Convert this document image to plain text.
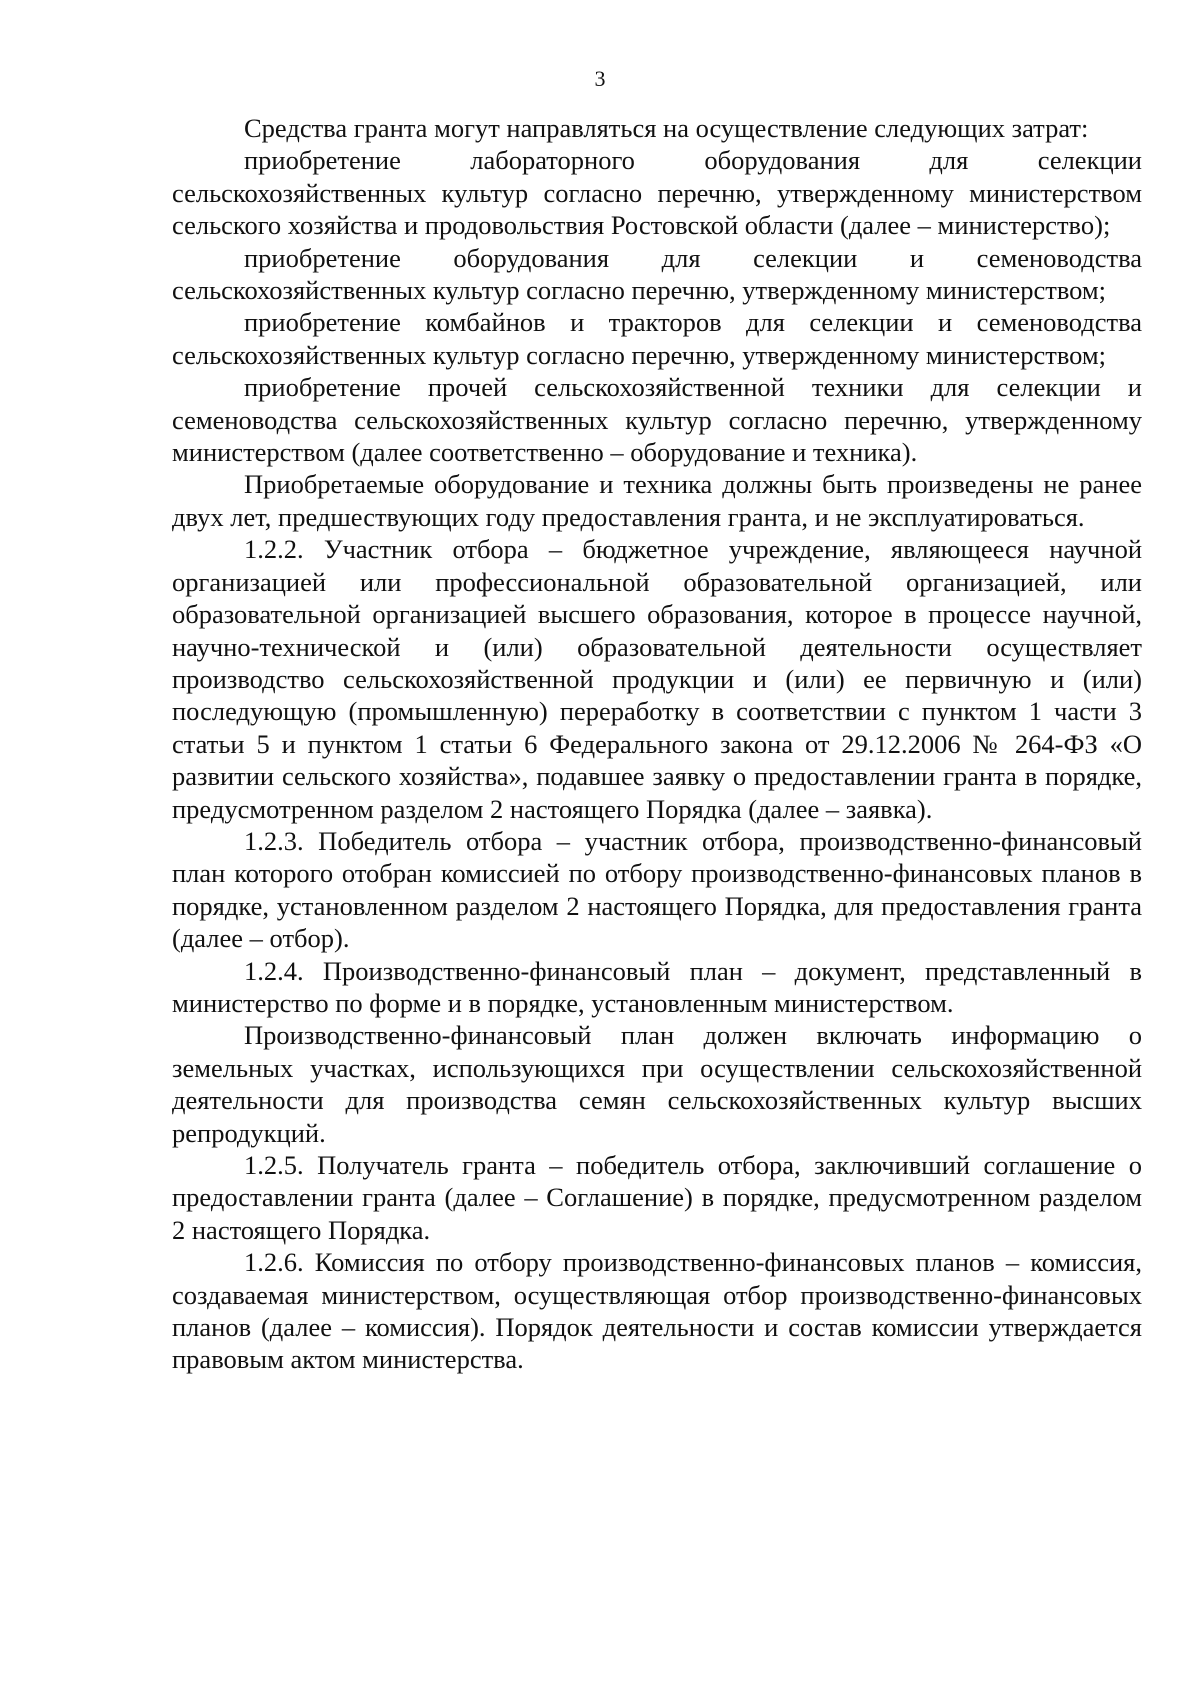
3

Средства гранта могут направляться на осуществление следующих затрат:

приобретение лабораторного оборудования для селекции сельскохозяйственных культур согласно перечню, утвержденному министерством сельского хозяйства и продовольствия Ростовской области (далее – министерство);

приобретение оборудования для селекции и семеноводства сельскохозяйственных культур согласно перечню, утвержденному министерством;

приобретение комбайнов и тракторов для селекции и семеноводства сельскохозяйственных культур согласно перечню, утвержденному министерством;

приобретение прочей сельскохозяйственной техники для селекции и семеноводства сельскохозяйственных культур согласно перечню, утвержденному министерством (далее соответственно – оборудование и техника).

Приобретаемые оборудование и техника должны быть произведены не ранее двух лет, предшествующих году предоставления гранта, и не эксплуатироваться.

1.2.2. Участник отбора – бюджетное учреждение, являющееся научной организацией или профессиональной образовательной организацией, или образовательной организацией высшего образования, которое в процессе научной, научно-технической и (или) образовательной деятельности осуществляет производство сельскохозяйственной продукции и (или) ее первичную и (или) последующую (промышленную) переработку в соответствии с пунктом 1 части 3 статьи 5 и пунктом 1 статьи 6 Федерального закона от 29.12.2006 № 264-ФЗ «О развитии сельского хозяйства», подавшее заявку о предоставлении гранта в порядке, предусмотренном разделом 2 настоящего Порядка (далее – заявка).

1.2.3. Победитель отбора – участник отбора, производственно-финансовый план которого отобран комиссией по отбору производственно-финансовых планов в порядке, установленном разделом 2 настоящего Порядка, для предоставления гранта (далее – отбор).

1.2.4. Производственно-финансовый план – документ, представленный в министерство по форме и в порядке, установленным министерством.

Производственно-финансовый план должен включать информацию о земельных участках, использующихся при осуществлении сельскохозяйственной деятельности для производства семян сельскохозяйственных культур высших репродукций.

1.2.5. Получатель гранта – победитель отбора, заключивший соглашение о предоставлении гранта (далее – Соглашение) в порядке, предусмотренном разделом 2 настоящего Порядка.

1.2.6. Комиссия по отбору производственно-финансовых планов – комиссия, создаваемая министерством, осуществляющая отбор производственно-финансовых планов (далее – комиссия). Порядок деятельности и состав комиссии утверждается правовым актом министерства.
